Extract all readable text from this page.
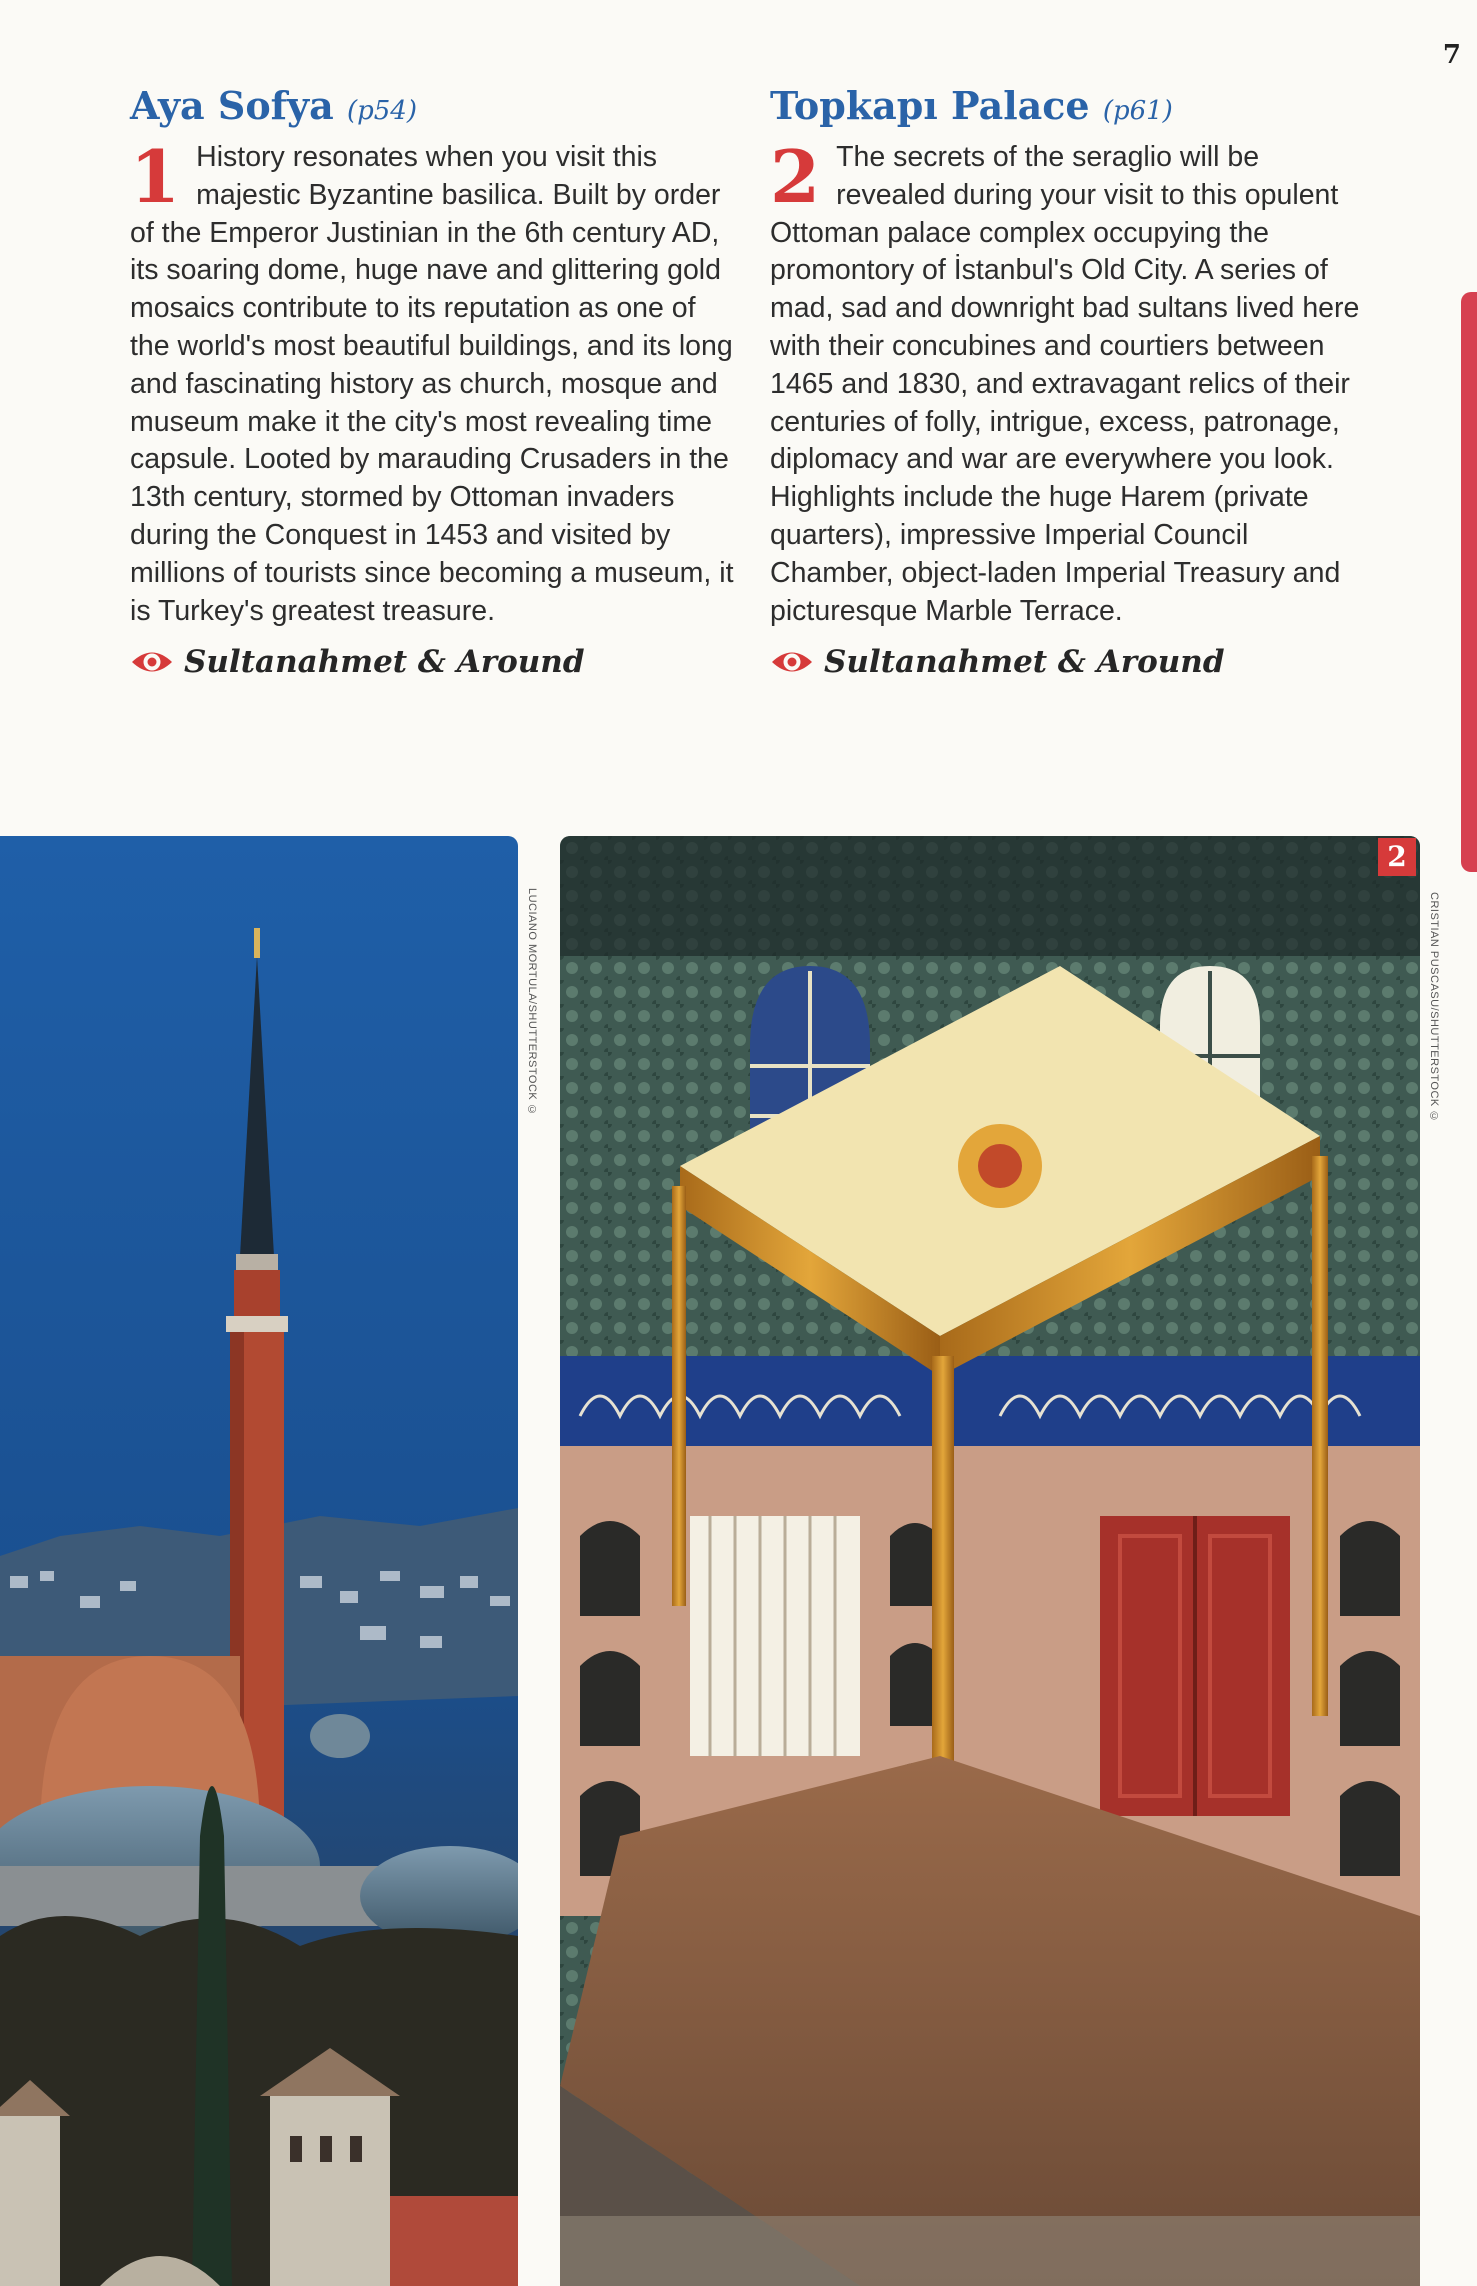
7
Aya Sofya (p54)

1 History resonates when you visit this majestic Byzantine basilica. Built by order of the Emperor Justinian in the 6th century AD, its soaring dome, huge nave and glittering gold mosaics contribute to its reputation as one of the world's most beautiful buildings, and its long and fascinating history as church, mosque and museum make it the city's most revealing time capsule. Looted by marauding Crusaders in the 13th century, stormed by Ottoman invaders during the Conquest in 1453 and visited by millions of tourists since becoming a museum, it is Turkey's greatest treasure.

Sultanahmet & Around
Topkapı Palace (p61)

2 The secrets of the seraglio will be revealed during your visit to this opulent Ottoman palace complex occupying the promontory of İstanbul's Old City. A series of mad, sad and downright bad sultans lived here with their concubines and courtiers between 1465 and 1830, and extravagant relics of their centuries of folly, intrigue, excess, patronage, diplomacy and war are everywhere you look. Highlights include the huge Harem (private quarters), impressive Imperial Council Chamber, object-laden Imperial Treasury and picturesque Marble Terrace.

Sultanahmet & Around
LUCIANO MORTULA/SHUTTERSTOCK ©
2
CRISTIAN PUSCASU/SHUTTERSTOCK ©
